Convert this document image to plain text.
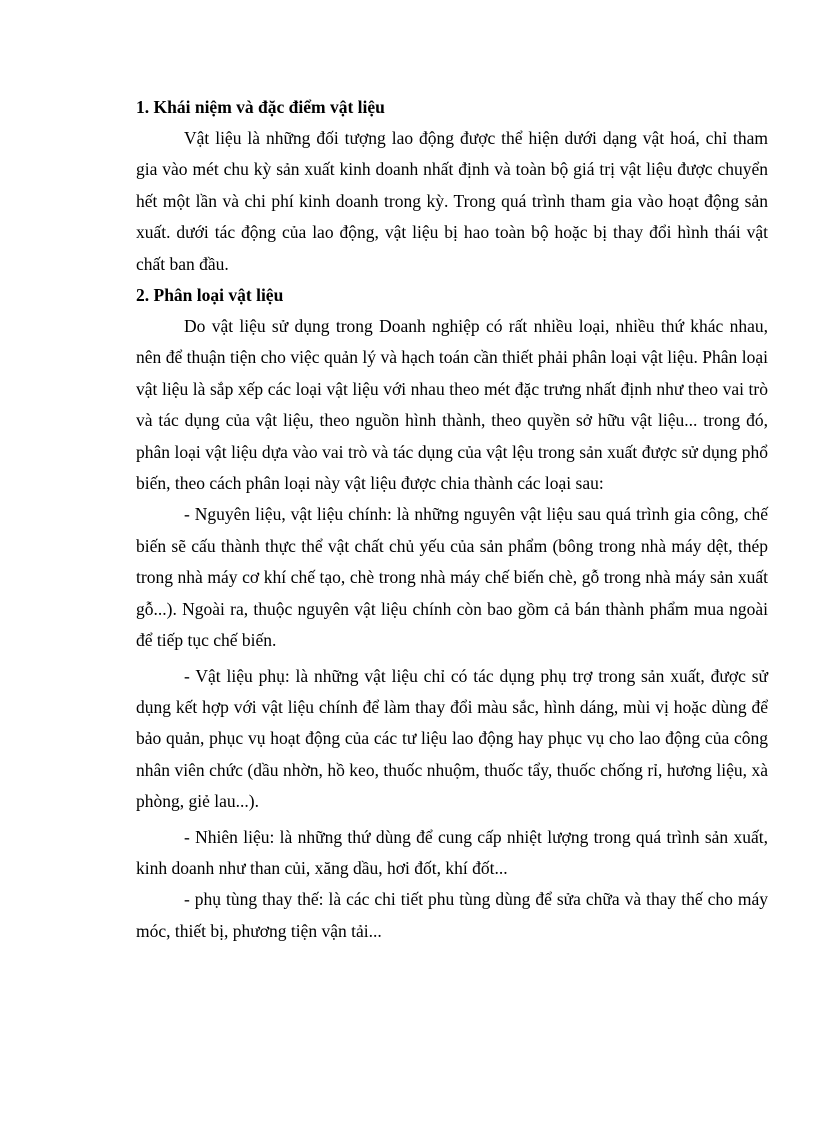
1. Khái niệm và đặc điểm vật liệu

Vật liệu là những đối tượng lao động được thể hiện dưới dạng vật hoá, chỉ tham gia vào mét chu kỳ sản xuất kinh doanh nhất định và toàn bộ giá trị vật liệu được chuyển hết một lần và chi phí kinh doanh trong kỳ. Trong quá trình tham gia vào hoạt động sản xuất. dưới tác động của lao động, vật liệu bị hao toàn bộ hoặc bị thay đổi hình thái vật chất ban đầu.

2. Phân loại vật liệu

Do vật liệu sử dụng trong Doanh nghiệp có rất nhiều loại, nhiều thứ khác nhau, nên để thuận tiện cho việc quản lý và hạch toán cần thiết phải phân loại vật liệu. Phân loại vật liệu là sắp xếp các loại vật liệu với nhau theo mét đặc trưng nhất định như theo vai trò và tác dụng của vật liệu, theo nguồn hình thành, theo quyền sở hữu vật liệu... trong đó, phân loại vật liệu dựa vào vai trò và tác dụng của vật lệu trong sản xuất được sử dụng phổ biến, theo cách phân loại này vật liệu được chia thành các loại sau:

- Nguyên liệu, vật liệu chính: là những nguyên vật liệu sau quá trình gia công, chế biến sẽ cấu thành thực thể vật chất chủ yếu của sản phẩm (bông trong nhà máy dệt, thép trong nhà máy cơ khí chế tạo, chè trong nhà máy chế biến chè, gỗ trong nhà máy sản xuất gỗ...). Ngoài ra, thuộc nguyên vật liệu chính còn bao gồm cả bán thành phẩm mua ngoài để tiếp tục chế biến.

- Vật liệu phụ: là những vật liệu chỉ có tác dụng phụ trợ trong sản xuất, được sử dụng kết hợp với vật liệu chính để làm thay đổi màu sắc, hình dáng, mùi vị hoặc dùng để bảo quản, phục vụ hoạt động của các tư liệu lao động hay phục vụ cho lao động của công nhân viên chức (dầu nhờn, hồ keo, thuốc nhuộm, thuốc tẩy, thuốc chống rỉ, hương liệu, xà phòng, giẻ lau...).

- Nhiên liệu: là những thứ dùng để cung cấp nhiệt lượng trong quá trình sản xuất, kinh doanh như than củi, xăng dầu, hơi đốt, khí đốt...

- phụ tùng thay thế: là các chi tiết phu tùng dùng để sửa chữa và thay thế cho máy móc, thiết bị, phương tiện vận tải...
